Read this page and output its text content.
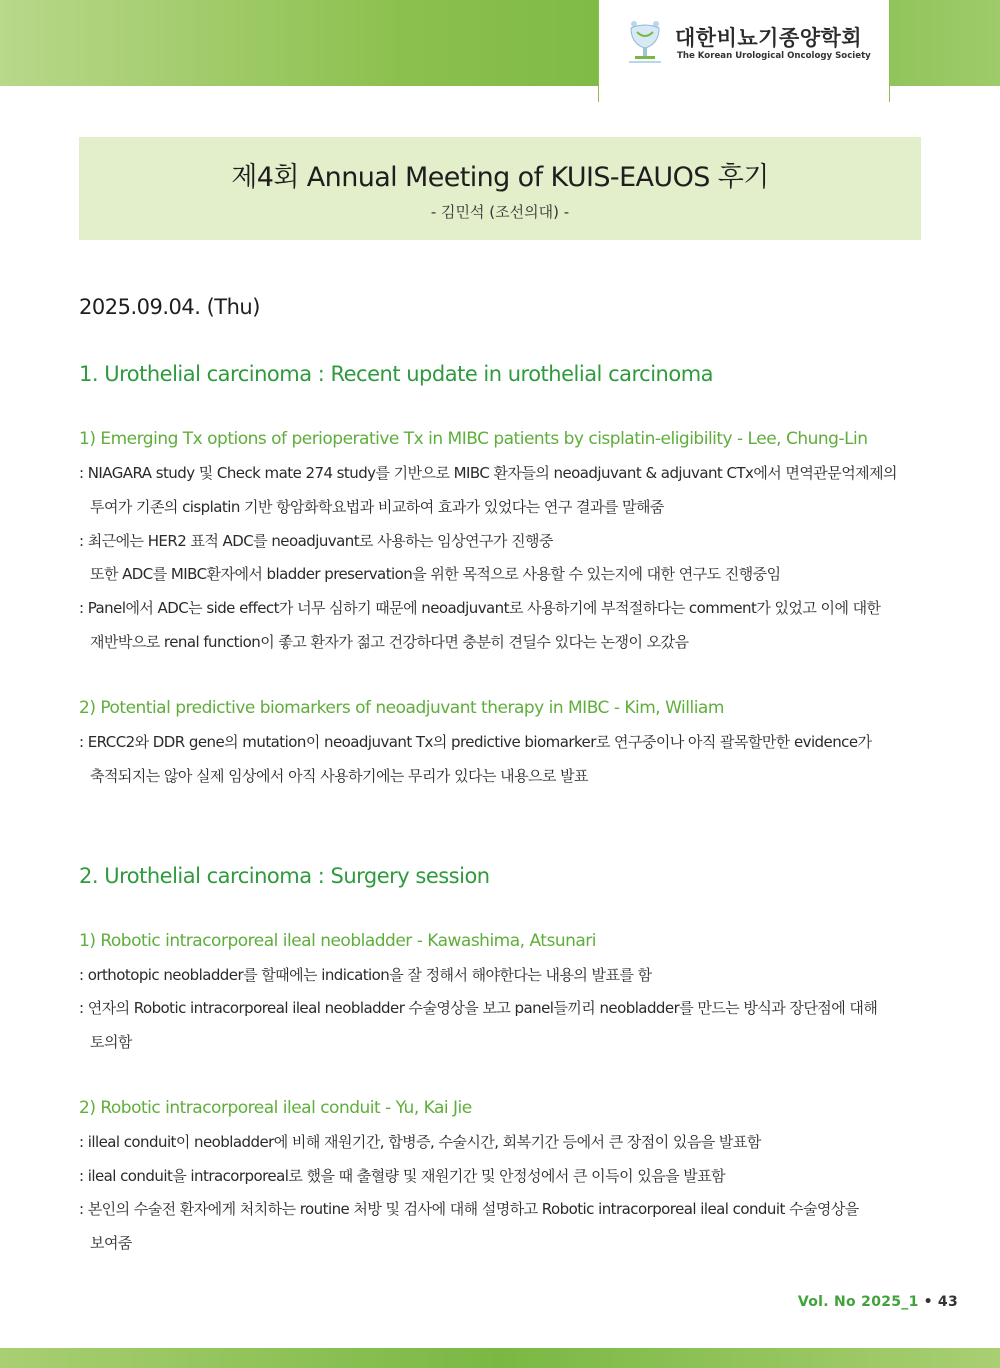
대한비뇨기종양학회
The Korean Urological Oncology Society
제4회 Annual Meeting of KUIS-EAUOS 후기
- 김민석 (조선의대) -
2025.09.04. (Thu)
1. Urothelial carcinoma : Recent update in urothelial carcinoma
1) Emerging Tx options of perioperative Tx in MIBC patients by cisplatin-eligibility - Lee, Chung-Lin
: NIAGARA study 및 Check mate 274 study를 기반으로 MIBC 환자들의 neoadjuvant & adjuvant CTx에서 면역관문억제제의
투여가 기존의 cisplatin 기반 항암화학요법과 비교하여 효과가 있었다는 연구 결과를 말해줌
: 최근에는 HER2 표적 ADC를 neoadjuvant로 사용하는 임상연구가 진행중
또한 ADC를 MIBC환자에서 bladder preservation을 위한 목적으로 사용할 수 있는지에 대한 연구도 진행중임
: Panel에서 ADC는 side effect가 너무 심하기 때문에 neoadjuvant로 사용하기에 부적절하다는 comment가 있었고 이에 대한
재반박으로 renal function이 좋고 환자가 젊고 건강하다면 충분히 견딜수 있다는 논쟁이 오갔음
2) Potential predictive biomarkers of neoadjuvant therapy in MIBC - Kim, William
: ERCC2와 DDR gene의 mutation이 neoadjuvant Tx의 predictive biomarker로 연구중이나 아직 괄목할만한 evidence가
축적되지는 않아 실제 임상에서 아직 사용하기에는 무리가 있다는 내용으로 발표
2. Urothelial carcinoma : Surgery session
1) Robotic intracorporeal ileal neobladder - Kawashima, Atsunari
: orthotopic neobladder를 할때에는 indication을 잘 정해서 해야한다는 내용의 발표를 함
: 연자의 Robotic intracorporeal ileal neobladder 수술영상을 보고 panel들끼리 neobladder를 만드는 방식과 장단점에 대해
토의함
2) Robotic intracorporeal ileal conduit - Yu, Kai Jie
: illeal conduit이 neobladder에 비해 재원기간, 합병증, 수술시간, 회복기간 등에서 큰 장점이 있음을 발표함
: ileal conduit을 intracorporeal로 했을 때 출혈량 및 재원기간 및 안정성에서 큰 이득이 있음을 발표함
: 본인의 수술전 환자에게 처치하는 routine 처방 및 검사에 대해 설명하고 Robotic intracorporeal ileal conduit 수술영상을
보여줌
Vol. No 2025_1 • 43
